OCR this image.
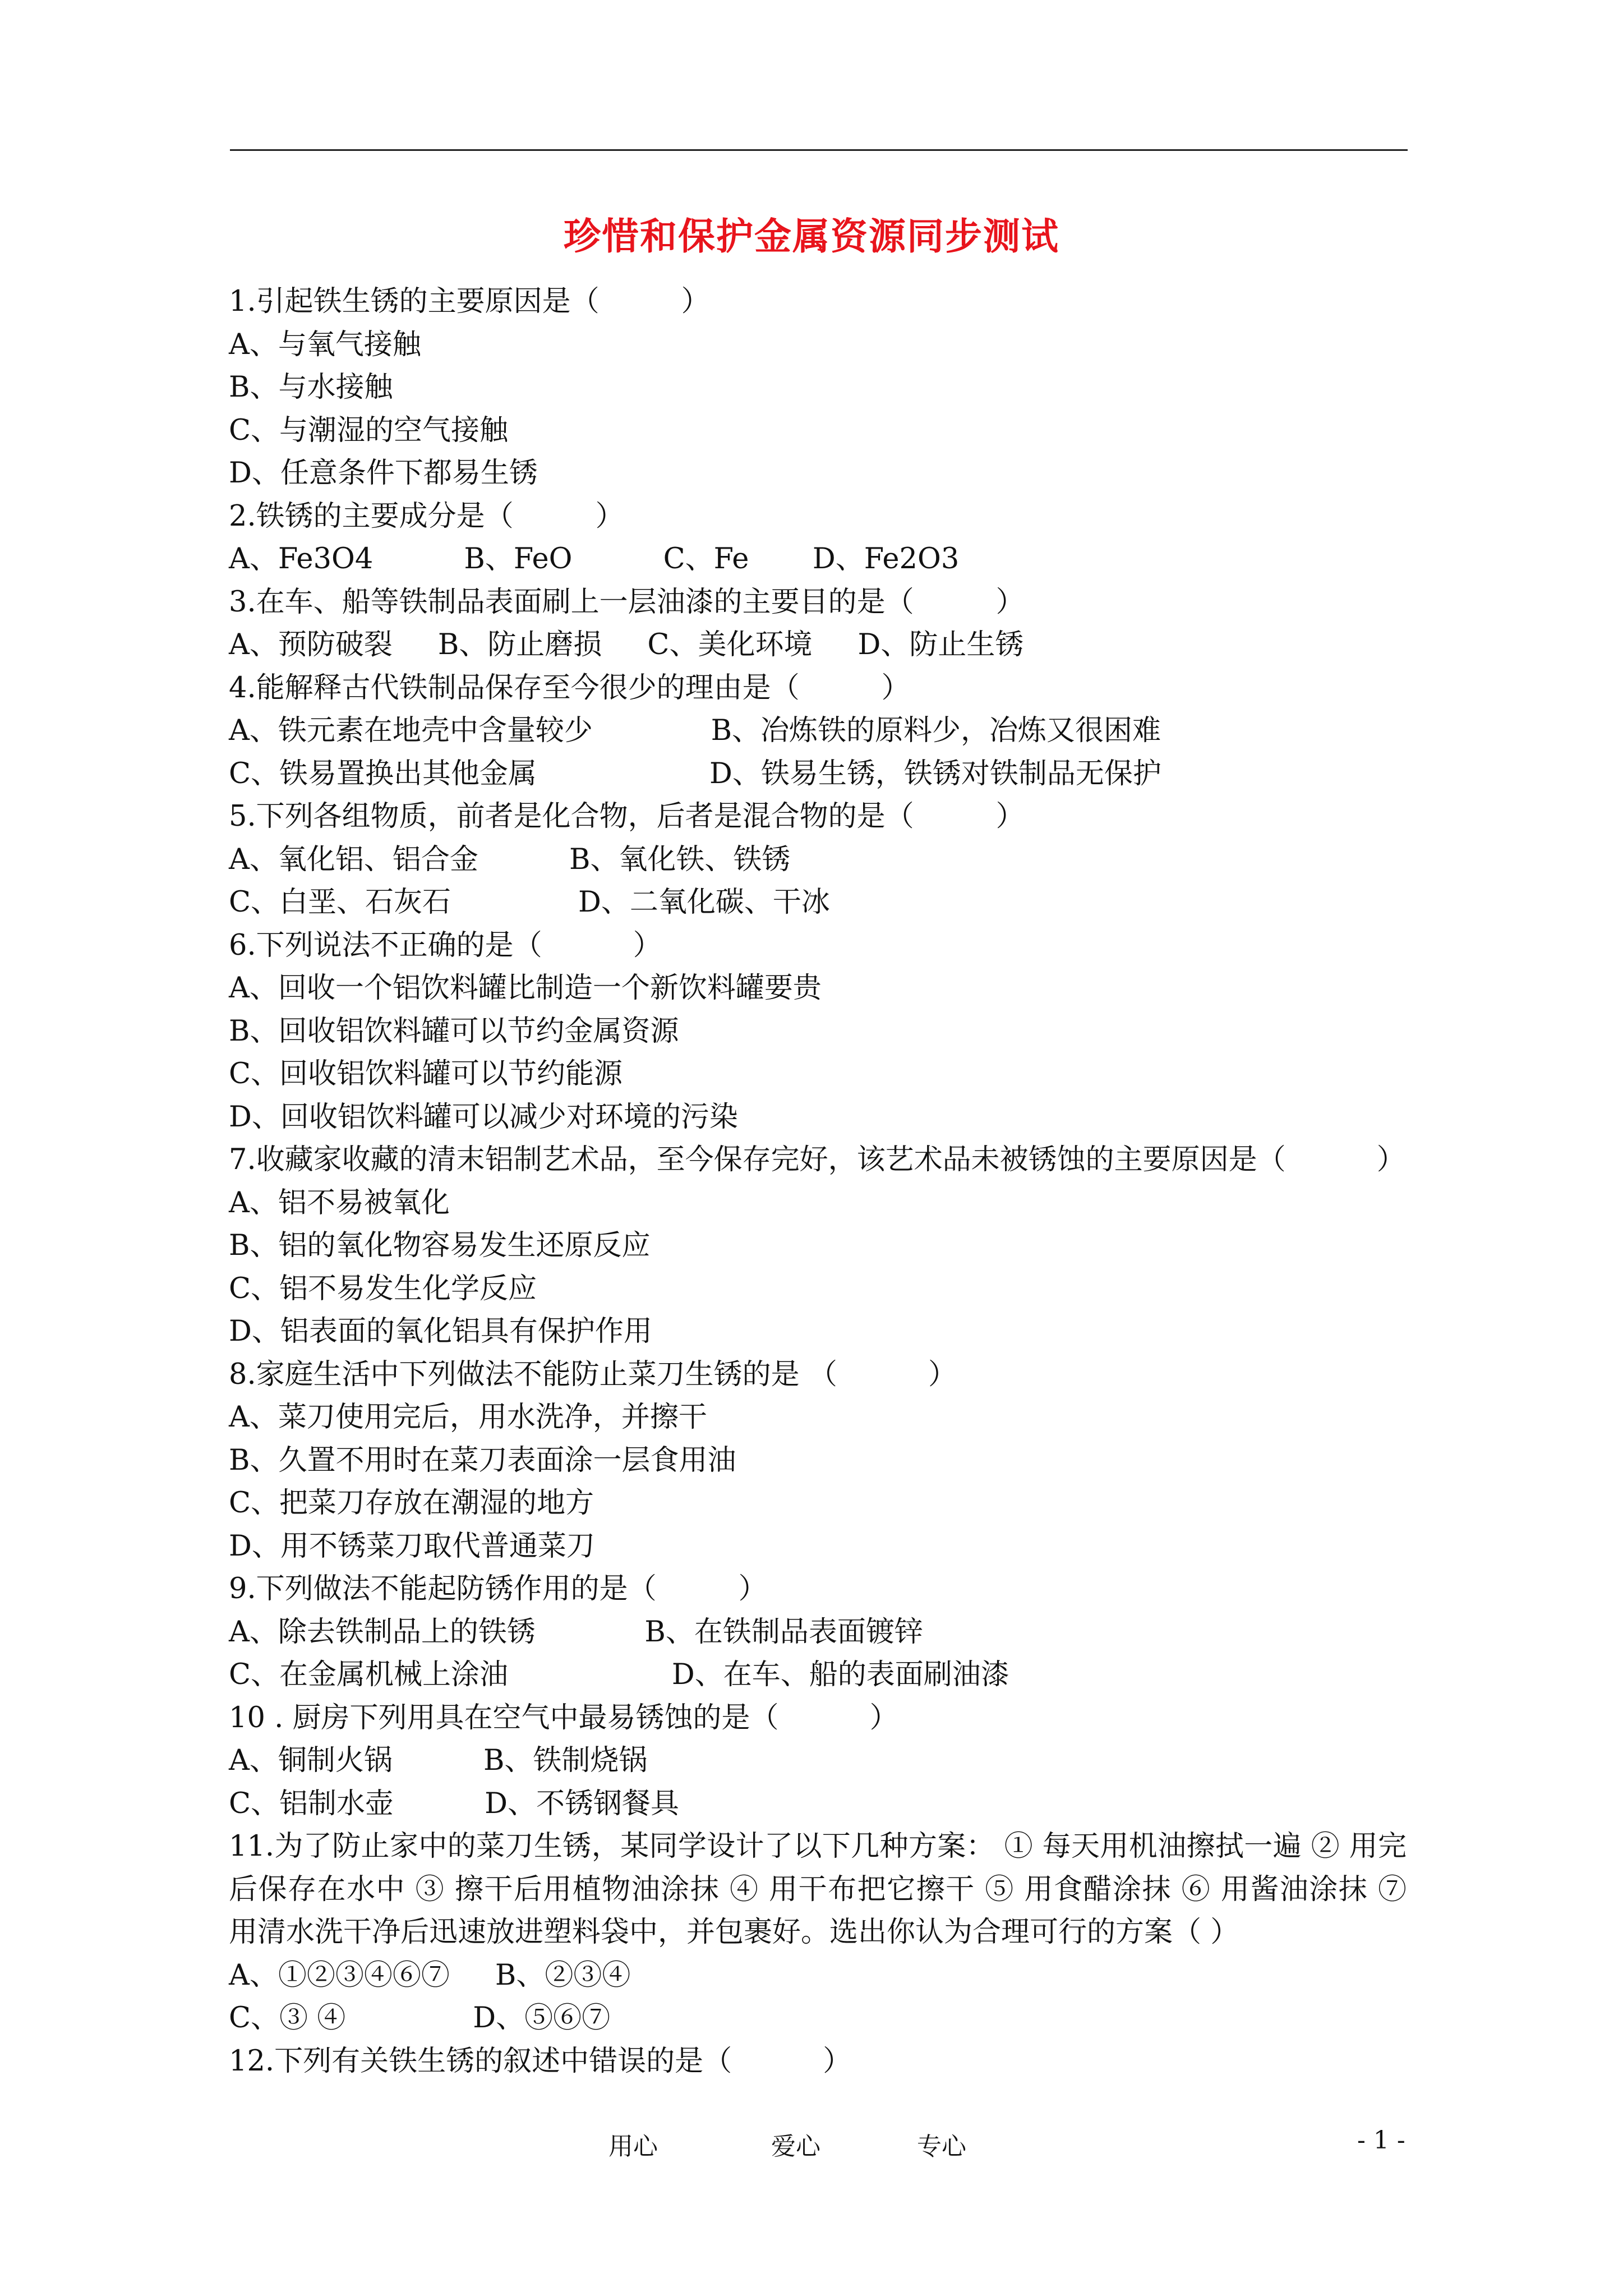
珍惜和保护金属资源同步测试
1.引起铁生锈的主要原因是（         ）
A、与氧气接触
B、与水接触
C、与潮湿的空气接触
D、任意条件下都易生锈
2.铁锈的主要成分是（         ）
A、Fe3O4          B、FeO          C、Fe       D、Fe2O3
3.在车、船等铁制品表面刷上一层油漆的主要目的是（         ）
A、预防破裂     B、防止磨损     C、美化环境     D、防止生锈
4.能解释古代铁制品保存至今很少的理由是（         ）
A、铁元素在地壳中含量较少             B、冶炼铁的原料少，冶炼又很困难
C、铁易置换出其他金属                   D、铁易生锈，铁锈对铁制品无保护
5.下列各组物质，前者是化合物，后者是混合物的是（         ）
A、氧化铝、铝合金          B、氧化铁、铁锈
C、白垩、石灰石              D、二氧化碳、干冰
6.下列说法不正确的是（          ）
A、回收一个铝饮料罐比制造一个新饮料罐要贵
B、回收铝饮料罐可以节约金属资源
C、回收铝饮料罐可以节约能源
D、回收铝饮料罐可以减少对环境的污染
7.收藏家收藏的清末铝制艺术品，至今保存完好，该艺术品未被锈蚀的主要原因是（          ）
A、铝不易被氧化
B、铝的氧化物容易发生还原反应
C、铝不易发生化学反应
D、铝表面的氧化铝具有保护作用
8.家庭生活中下列做法不能防止菜刀生锈的是 （          ）
A、菜刀使用完后，用水洗净，并擦干
B、久置不用时在菜刀表面涂一层食用油
C、把菜刀存放在潮湿的地方
D、用不锈菜刀取代普通菜刀
9.下列做法不能起防锈作用的是（         ）
A、除去铁制品上的铁锈            B、在铁制品表面镀锌
C、在金属机械上涂油                  D、在车、船的表面刷油漆
10 . 厨房下列用具在空气中最易锈蚀的是（          ）
A、铜制火锅          B、铁制烧锅
C、铝制水壶          D、不锈钢餐具
11.为了防止家中的菜刀生锈，某同学设计了以下几种方案： ① 每天用机油擦拭一遍 ② 用完后保存在水中 ③ 擦干后用植物油涂抹 ④ 用干布把它擦干 ⑤ 用食醋涂抹 ⑥ 用酱油涂抹 ⑦ 用清水洗干净后迅速放进塑料袋中，并包裹好。选出你认为合理可行的方案（ ）
A、①②③④⑥⑦     B、②③④
C、③ ④              D、⑤⑥⑦
12.下列有关铁生锈的叙述中错误的是（          ）
用心	爱心	专心	- 1 -
